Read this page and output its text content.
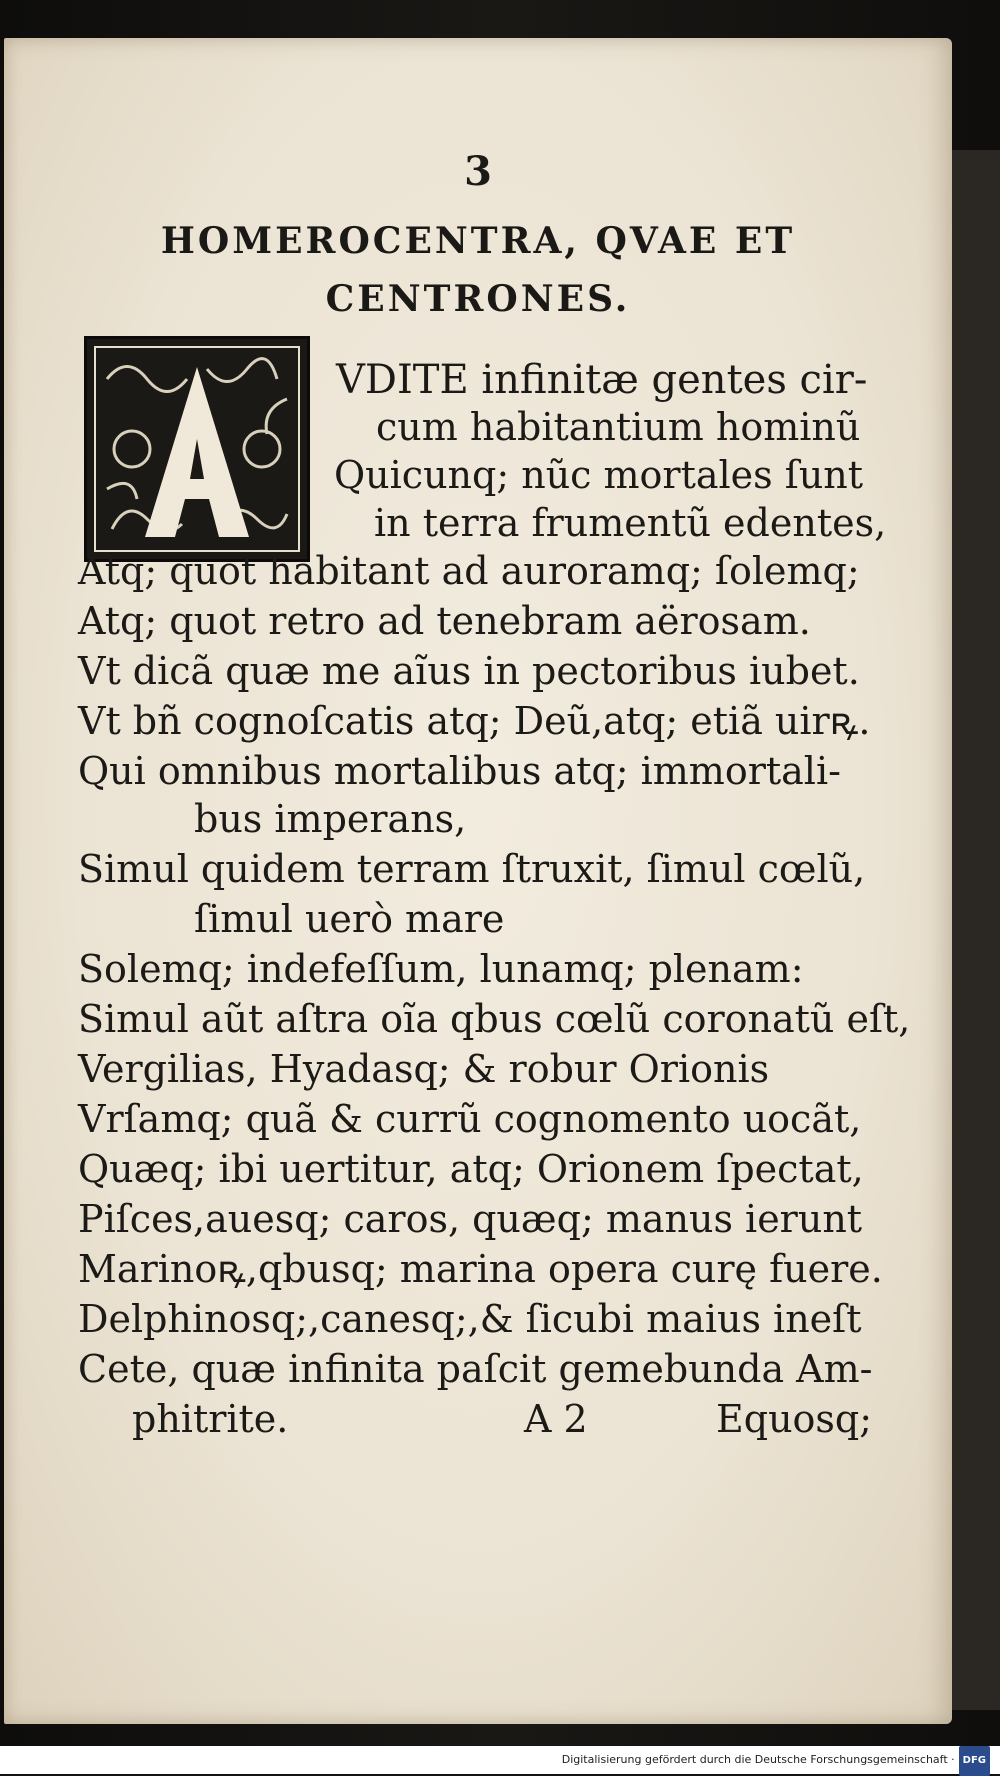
3
HOMEROCENTRA, QVAE ET
CENTRONES.
VDITE infinitæ gentes cir-
cum habitantium hominũ
Quicunq; nũc mortales ſunt
in terra frumentũ edentes,
Atq; quot habitant ad auroramq; ſolemq;
Atq; quot retro ad tenebram aërosam.
Vt dicã quæ me aĩus in pectoribus iubet.
Vt bñ cognoſcatis atq; Deũ,atq; etiã uirꝶ.
Qui omnibus mortalibus atq; immortali-
bus imperans,
Simul quidem terram ſtruxit, ſimul cœlũ,
ſimul uerò mare
Solemq; indefeſſum, lunamq; plenam:
Simul aũt aſtra oĩa qbus cœlũ coronatũ eſt,
Vergilias, Hyadasq; & robur Orionis
Vrſamq; quã & currũ cognomento uocãt,
Quæq; ibi uertitur, atq; Orionem ſpectat,
Piſces,auesq; caros, quæq; manus ierunt
Marinoꝶ,qbusq; marina opera curę fuere.
Delphinosq;,canesq;,& ſicubi maius ineſt
Cete, quæ infinita paſcit gemebunda Am-
phitrite.	A 2	Equosq;
Digitalisierung gefördert durch die Deutsche Forschungsgemeinschaft · DFG
